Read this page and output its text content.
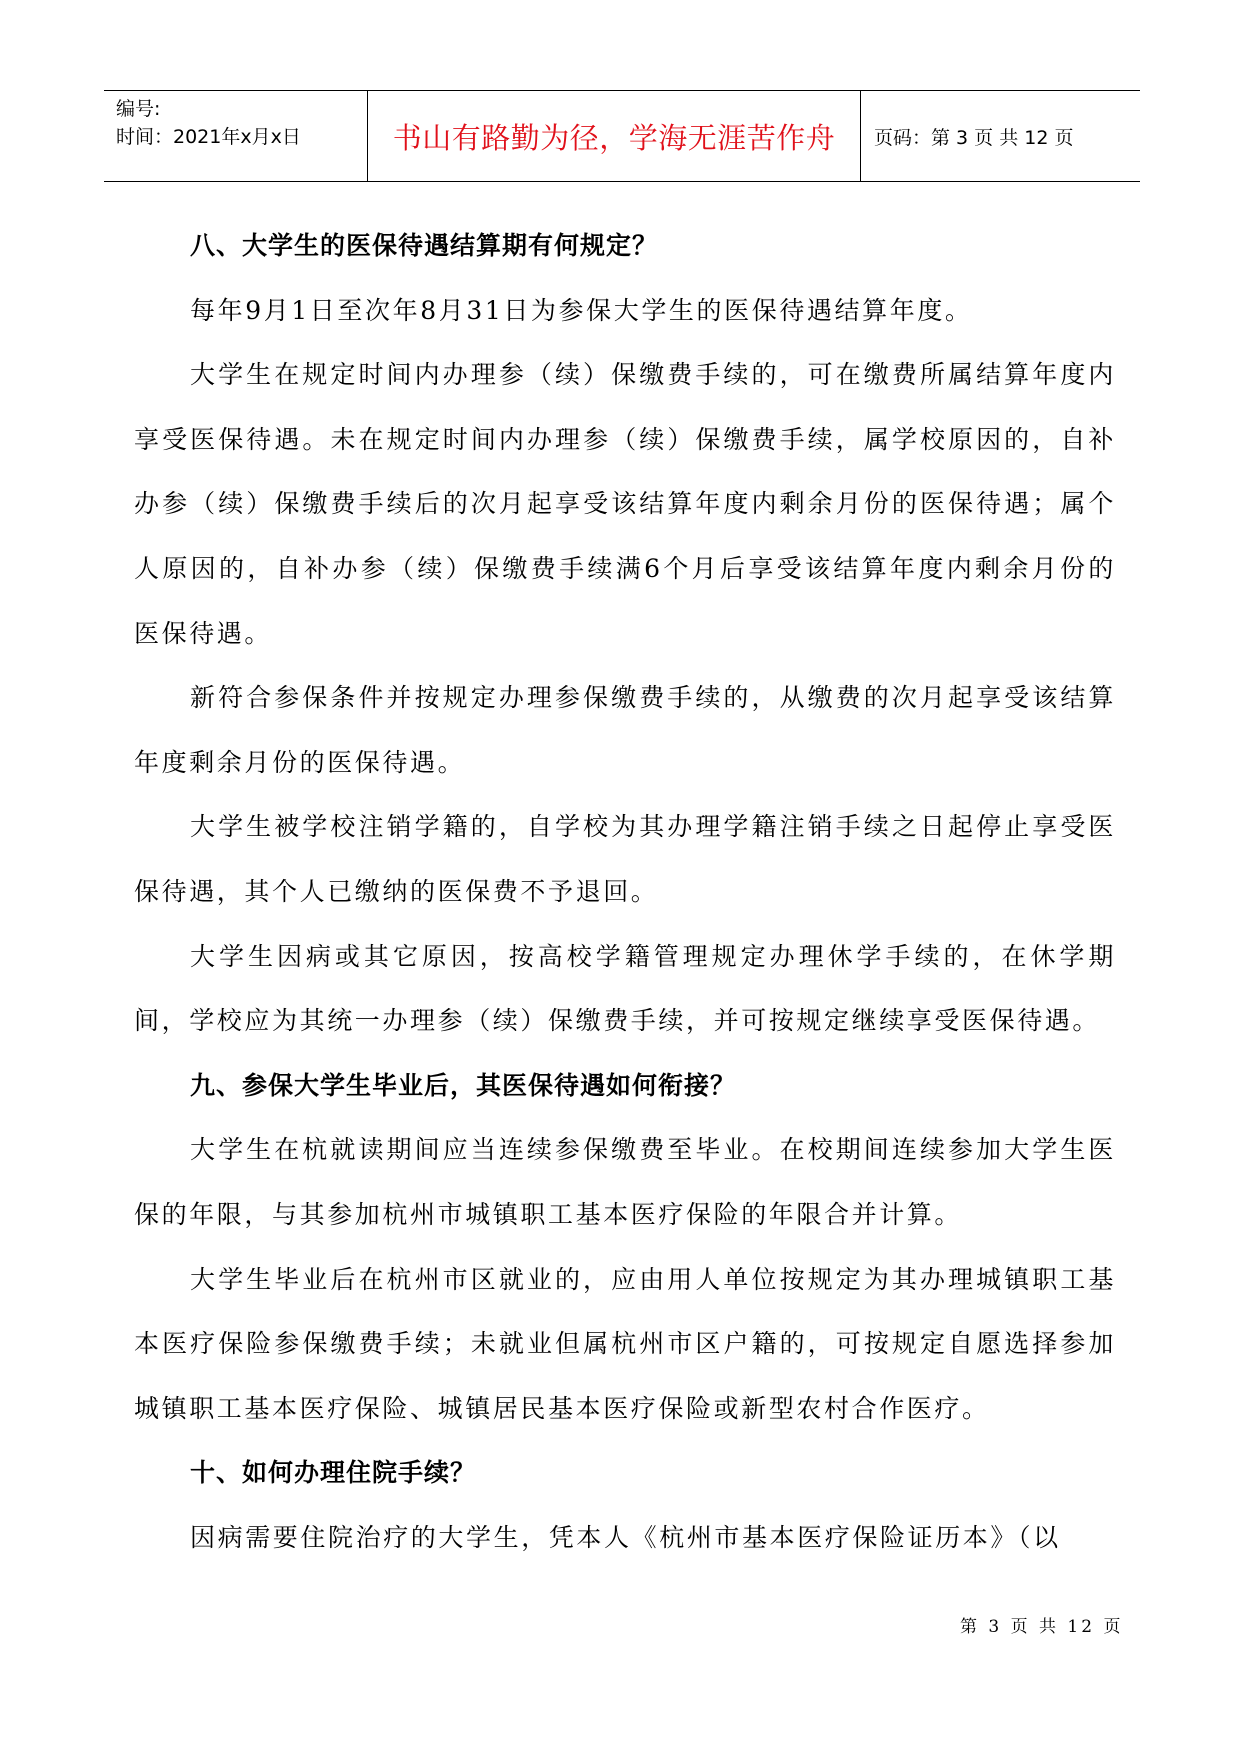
编号:
时间：2021年x月x日	书山有路勤为径，学海无涯苦作舟	页码：第 3 页 共 12 页

八、大学生的医保待遇结算期有何规定？

每年9月1日至次年8月31日为参保大学生的医保待遇结算年度。

大学生在规定时间内办理参（续）保缴费手续的，可在缴费所属结算年度内享受医保待遇。未在规定时间内办理参（续）保缴费手续，属学校原因的，自补办参（续）保缴费手续后的次月起享受该结算年度内剩余月份的医保待遇；属个人原因的，自补办参（续）保缴费手续满6个月后享受该结算年度内剩余月份的医保待遇。

新符合参保条件并按规定办理参保缴费手续的，从缴费的次月起享受该结算年度剩余月份的医保待遇。

大学生被学校注销学籍的，自学校为其办理学籍注销手续之日起停止享受医保待遇，其个人已缴纳的医保费不予退回。

大学生因病或其它原因，按高校学籍管理规定办理休学手续的，在休学期间，学校应为其统一办理参（续）保缴费手续，并可按规定继续享受医保待遇。

九、参保大学生毕业后，其医保待遇如何衔接？

大学生在杭就读期间应当连续参保缴费至毕业。在校期间连续参加大学生医保的年限，与其参加杭州市城镇职工基本医疗保险的年限合并计算。

大学生毕业后在杭州市区就业的，应由用人单位按规定为其办理城镇职工基本医疗保险参保缴费手续；未就业但属杭州市区户籍的，可按规定自愿选择参加城镇职工基本医疗保险、城镇居民基本医疗保险或新型农村合作医疗。

十、如何办理住院手续？

因病需要住院治疗的大学生，凭本人《杭州市基本医疗保险证历本》（以

第 3 页 共 12 页
